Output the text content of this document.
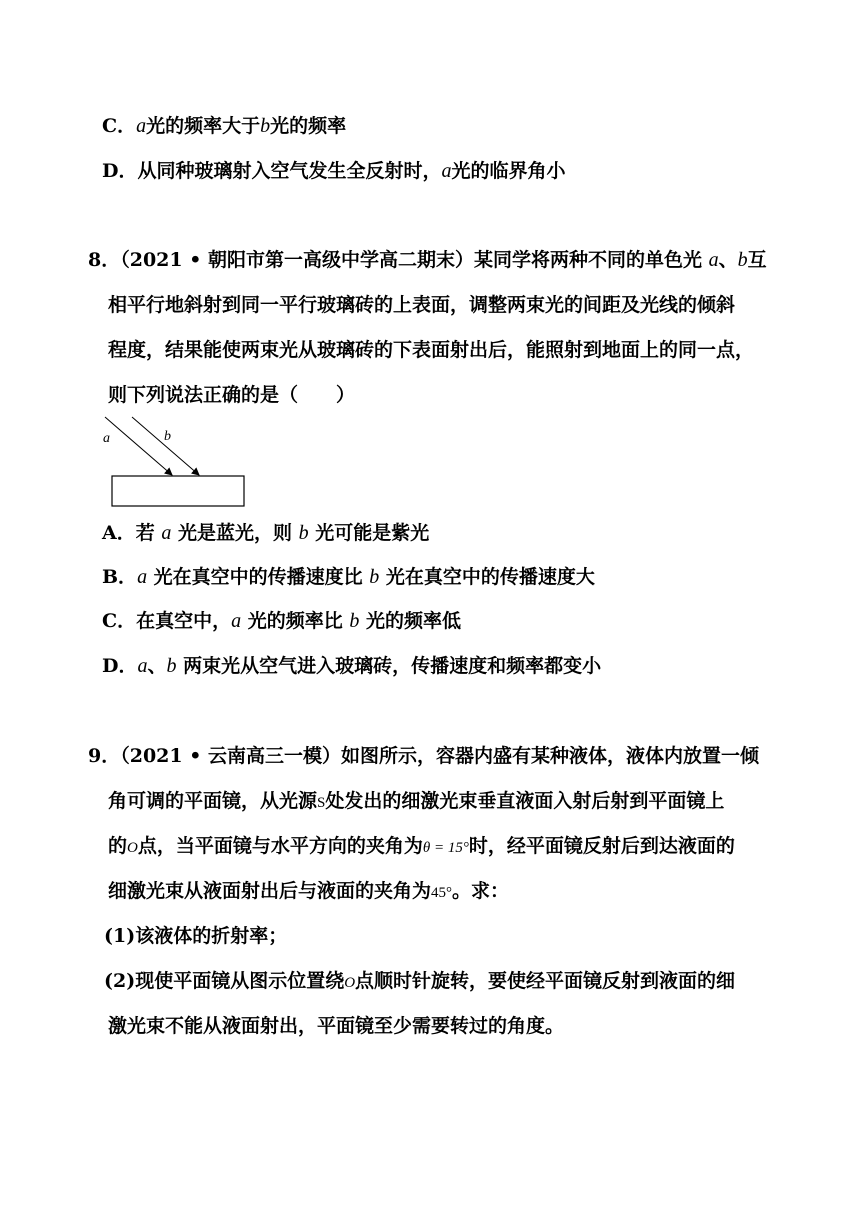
C．a光的频率大于b光的频率
D．从同种玻璃射入空气发生全反射时，a光的临界角小
8．（2021 • 朝阳市第一高级中学高二期末）某同学将两种不同的单色光 a、b互
相平行地斜射到同一平行玻璃砖的上表面，调整两束光的间距及光线的倾斜
程度，结果能使两束光从玻璃砖的下表面射出后，能照射到地面上的同一点，
则下列说法正确的是（　　）
a	b
A．若 a 光是蓝光，则 b 光可能是紫光
B．a 光在真空中的传播速度比 b 光在真空中的传播速度大
C．在真空中，a 光的频率比 b 光的频率低
D．a、b 两束光从空气进入玻璃砖，传播速度和频率都变小
9．（2021 • 云南高三一模）如图所示，容器内盛有某种液体，液体内放置一倾
角可调的平面镜，从光源S处发出的细激光束垂直液面入射后射到平面镜上
的O点，当平面镜与水平方向的夹角为θ = 15°时，经平面镜反射后到达液面的
细激光束从液面射出后与液面的夹角为45°。求：
(1)该液体的折射率；
(2)现使平面镜从图示位置绕O点顺时针旋转，要使经平面镜反射到液面的细
激光束不能从液面射出，平面镜至少需要转过的角度。
